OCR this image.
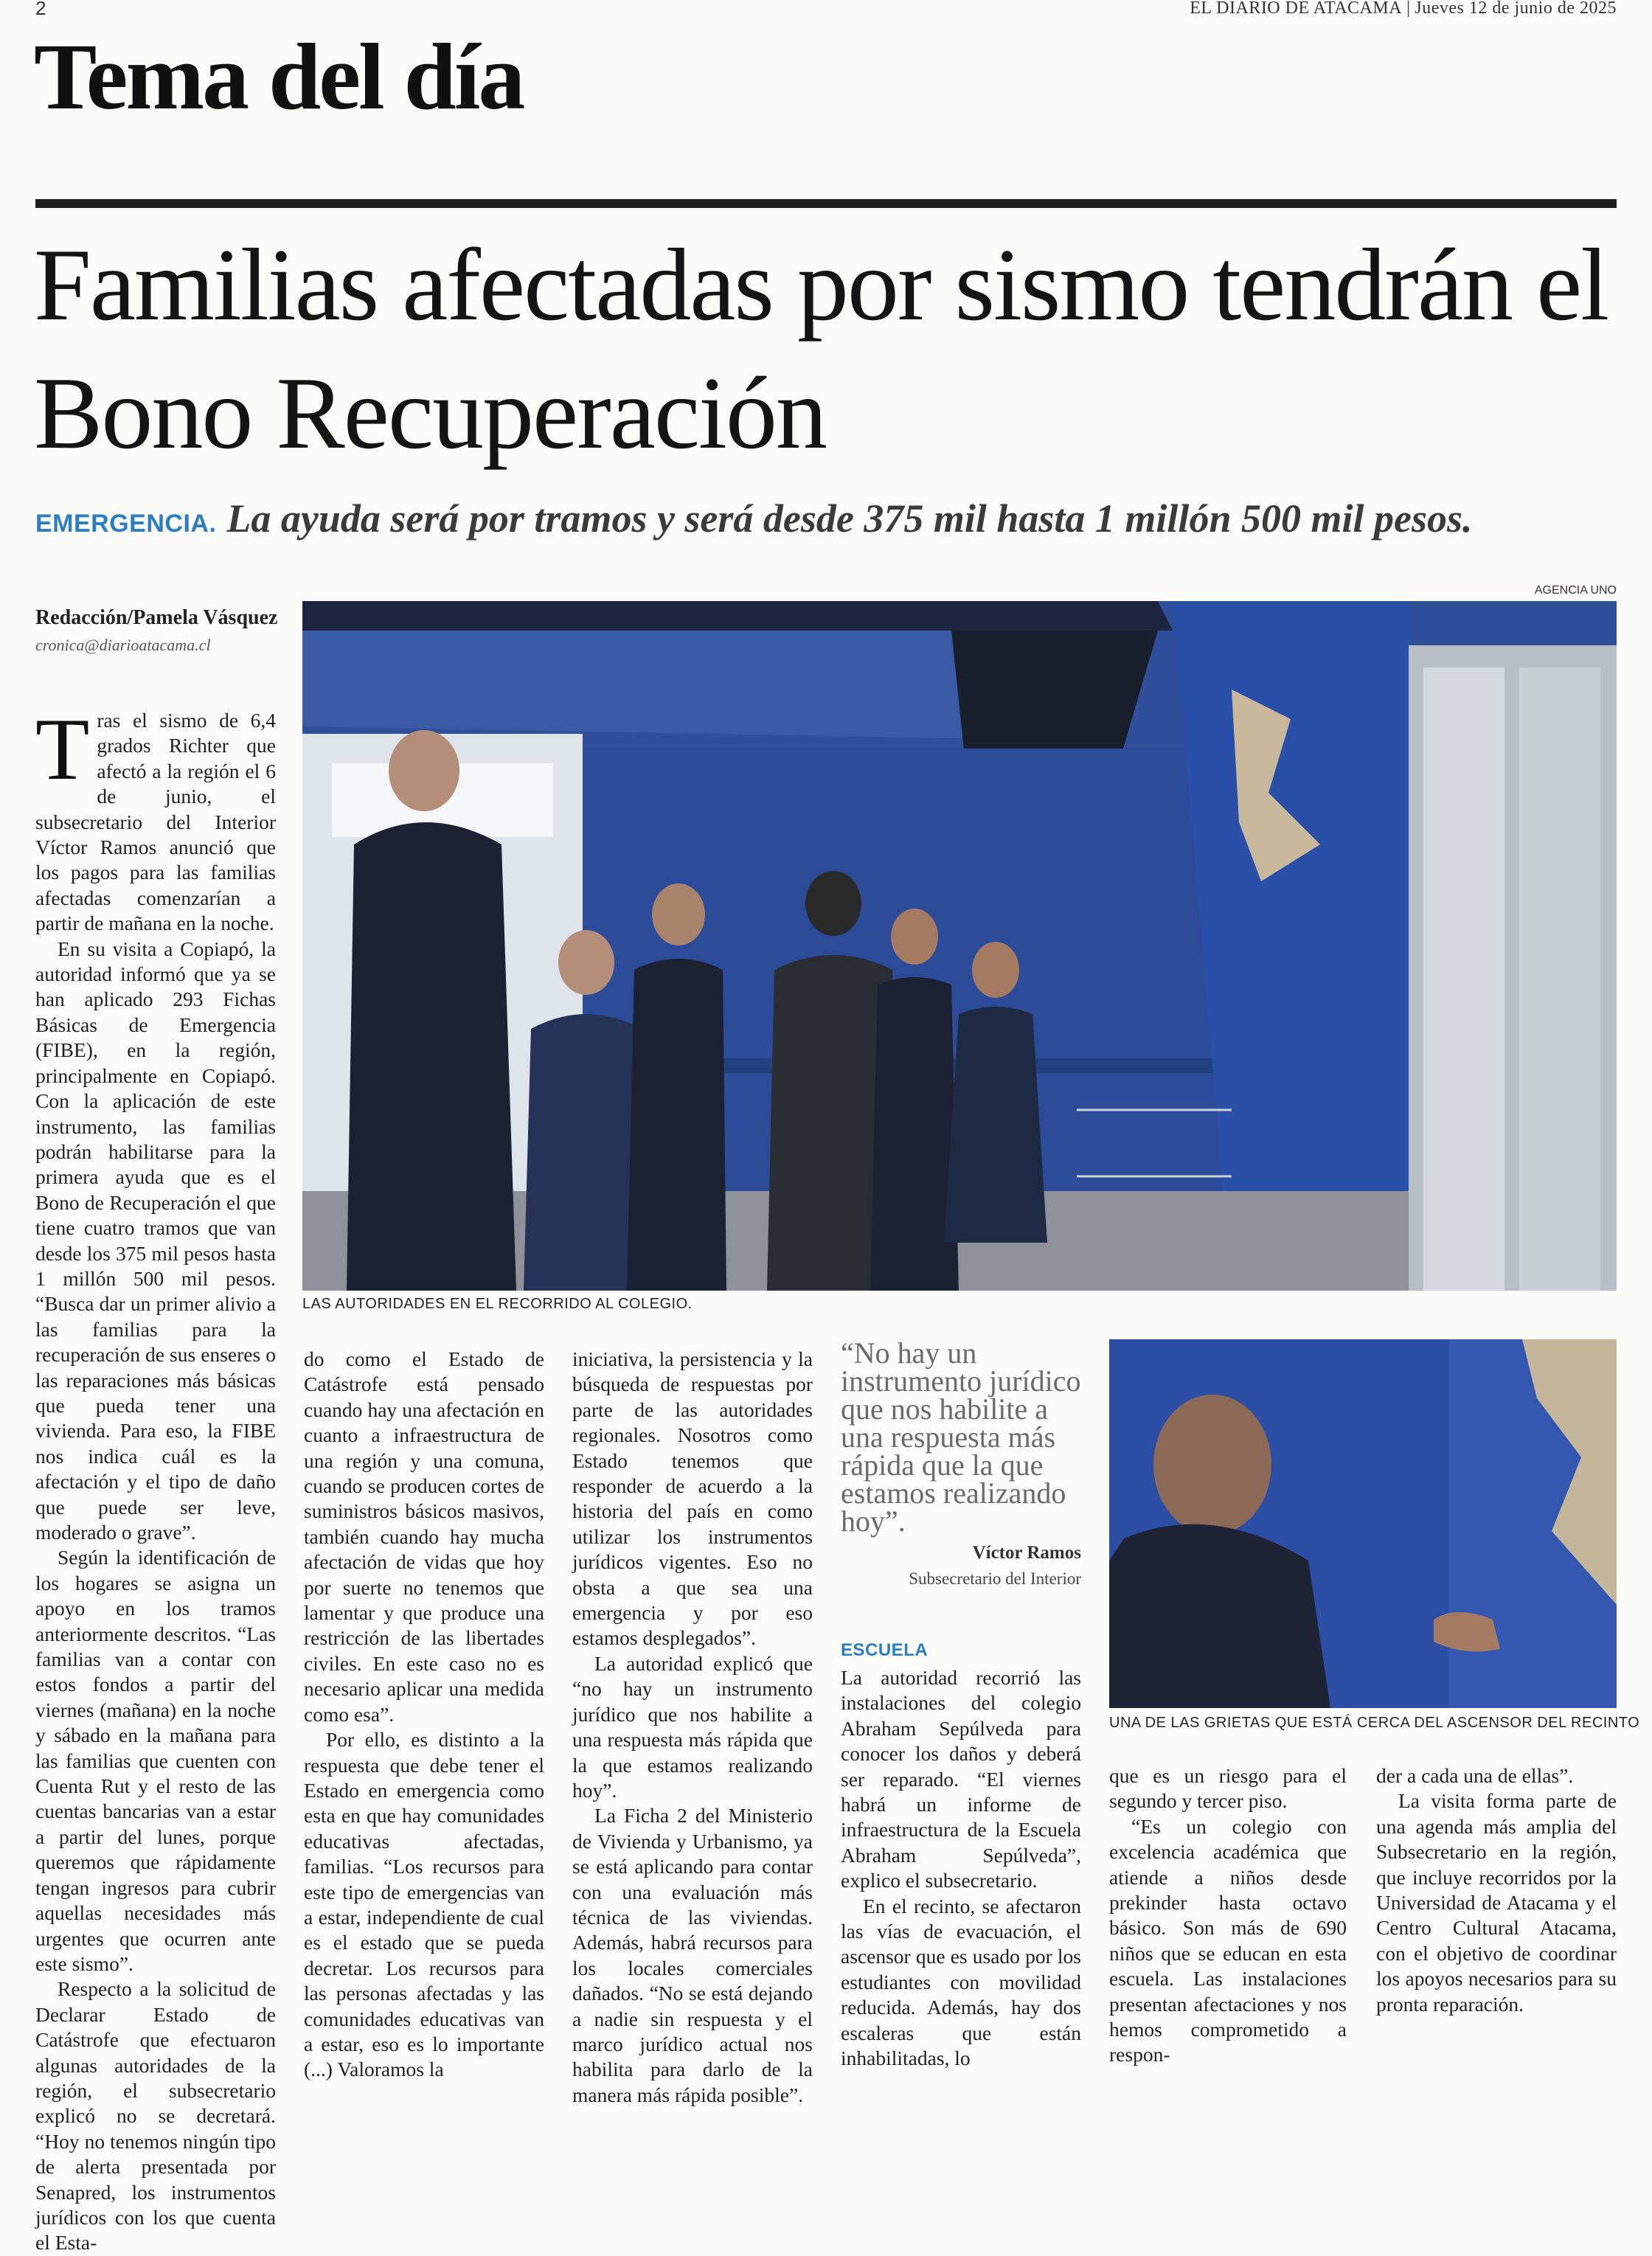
2	EL DIARIO DE ATACAMA | Jueves 12 de junio de 2025
Tema del día
Familias afectadas por sismo tendrán el Bono Recuperación
EMERGENCIA. La ayuda será por tramos y será desde 375 mil hasta 1 millón 500 mil pesos.
Redacción/Pamela Vásquez
cronica@diarioatacama.cl
AGENCIA UNO
LAS AUTORIDADES EN EL RECORRIDO AL COLEGIO.

Tras el sismo de 6,4 grados Richter que afectó a la región el 6 de junio, el subsecretario del Interior Víctor Ramos anunció que los pagos para las familias afectadas comenzarían a partir de mañana en la noche.

En su visita a Copiapó, la autoridad informó que ya se han aplicado 293 Fichas Básicas de Emergencia (FIBE), en la región, principalmente en Copiapó. Con la aplicación de este instrumento, las familias podrán habilitarse para la primera ayuda que es el Bono de Recuperación el que tiene cuatro tramos que van desde los 375 mil pesos hasta 1 millón 500 mil pesos. “Busca dar un primer alivio a las familias para la recuperación de sus enseres o las reparaciones más básicas que pueda tener una vivienda. Para eso, la FIBE nos indica cuál es la afectación y el tipo de daño que puede ser leve, moderado o grave”.

Según la identificación de los hogares se asigna un apoyo en los tramos anteriormente descritos. “Las familias van a contar con estos fondos a partir del viernes (mañana) en la noche y sábado en la mañana para las familias que cuenten con Cuenta Rut y el resto de las cuentas bancarias van a estar a partir del lunes, porque queremos que rápidamente tengan ingresos para cubrir aquellas necesidades más urgentes que ocurren ante este sismo”.

Respecto a la solicitud de Declarar Estado de Catástrofe que efectuaron algunas autoridades de la región, el subsecretario explicó no se decretará. “Hoy no tenemos ningún tipo de alerta presentada por Senapred, los instrumentos jurídicos con los que cuenta el Esta-

do como el Estado de Catástrofe está pensado cuando hay una afectación en cuanto a infraestructura de una región y una comuna, cuando se producen cortes de suministros básicos masivos, también cuando hay mucha afectación de vidas que hoy por suerte no tenemos que lamentar y que produce una restricción de las libertades civiles. En este caso no es necesario aplicar una medida como esa”.

Por ello, es distinto a la respuesta que debe tener el Estado en emergencia como esta en que hay comunidades educativas afectadas, familias. “Los recursos para este tipo de emergencias van a estar, independiente de cual es el estado que se pueda decretar. Los recursos para las personas afectadas y las comunidades educativas van a estar, eso es lo importante (...) Valoramos la

iniciativa, la persistencia y la búsqueda de respuestas por parte de las autoridades regionales. Nosotros como Estado tenemos que responder de acuerdo a la historia del país en como utilizar los instrumentos jurídicos vigentes. Eso no obsta a que sea una emergencia y por eso estamos desplegados”.

La autoridad explicó que “no hay un instrumento jurídico que nos habilite a una respuesta más rápida que la que estamos realizando hoy”.

La Ficha 2 del Ministerio de Vivienda y Urbanismo, ya se está aplicando para contar con una evaluación más técnica de las viviendas. Además, habrá recursos para los locales comerciales dañados. “No se está dejando a nadie sin respuesta y el marco jurídico actual nos habilita para darlo de la manera más rápida posible”.

“No hay un instrumento jurídico que nos habilite a una respuesta más rápida que la que estamos realizando hoy”.
Víctor Ramos
Subsecretario del Interior
ESCUELA

La autoridad recorrió las instalaciones del colegio Abraham Sepúlveda para conocer los daños y deberá ser reparado. “El viernes habrá un informe de infraestructura de la Escuela Abraham Sepúlveda”, explico el subsecretario.

En el recinto, se afectaron las vías de evacuación, el ascensor que es usado por los estudiantes con movilidad reducida. Además, hay dos escaleras que están inhabilitadas, lo

UNA DE LAS GRIETAS QUE ESTÁ CERCA DEL ASCENSOR DEL RECINTO

que es un riesgo para el segundo y tercer piso.

“Es un colegio con excelencia académica que atiende a niños desde prekinder hasta octavo básico. Son más de 690 niños que se educan en esta escuela. Las instalaciones presentan afectaciones y nos hemos comprometido a respon-

der a cada una de ellas”.

La visita forma parte de una agenda más amplia del Subsecretario en la región, que incluye recorridos por la Universidad de Atacama y el Centro Cultural Atacama, con el objetivo de coordinar los apoyos necesarios para su pronta reparación.
